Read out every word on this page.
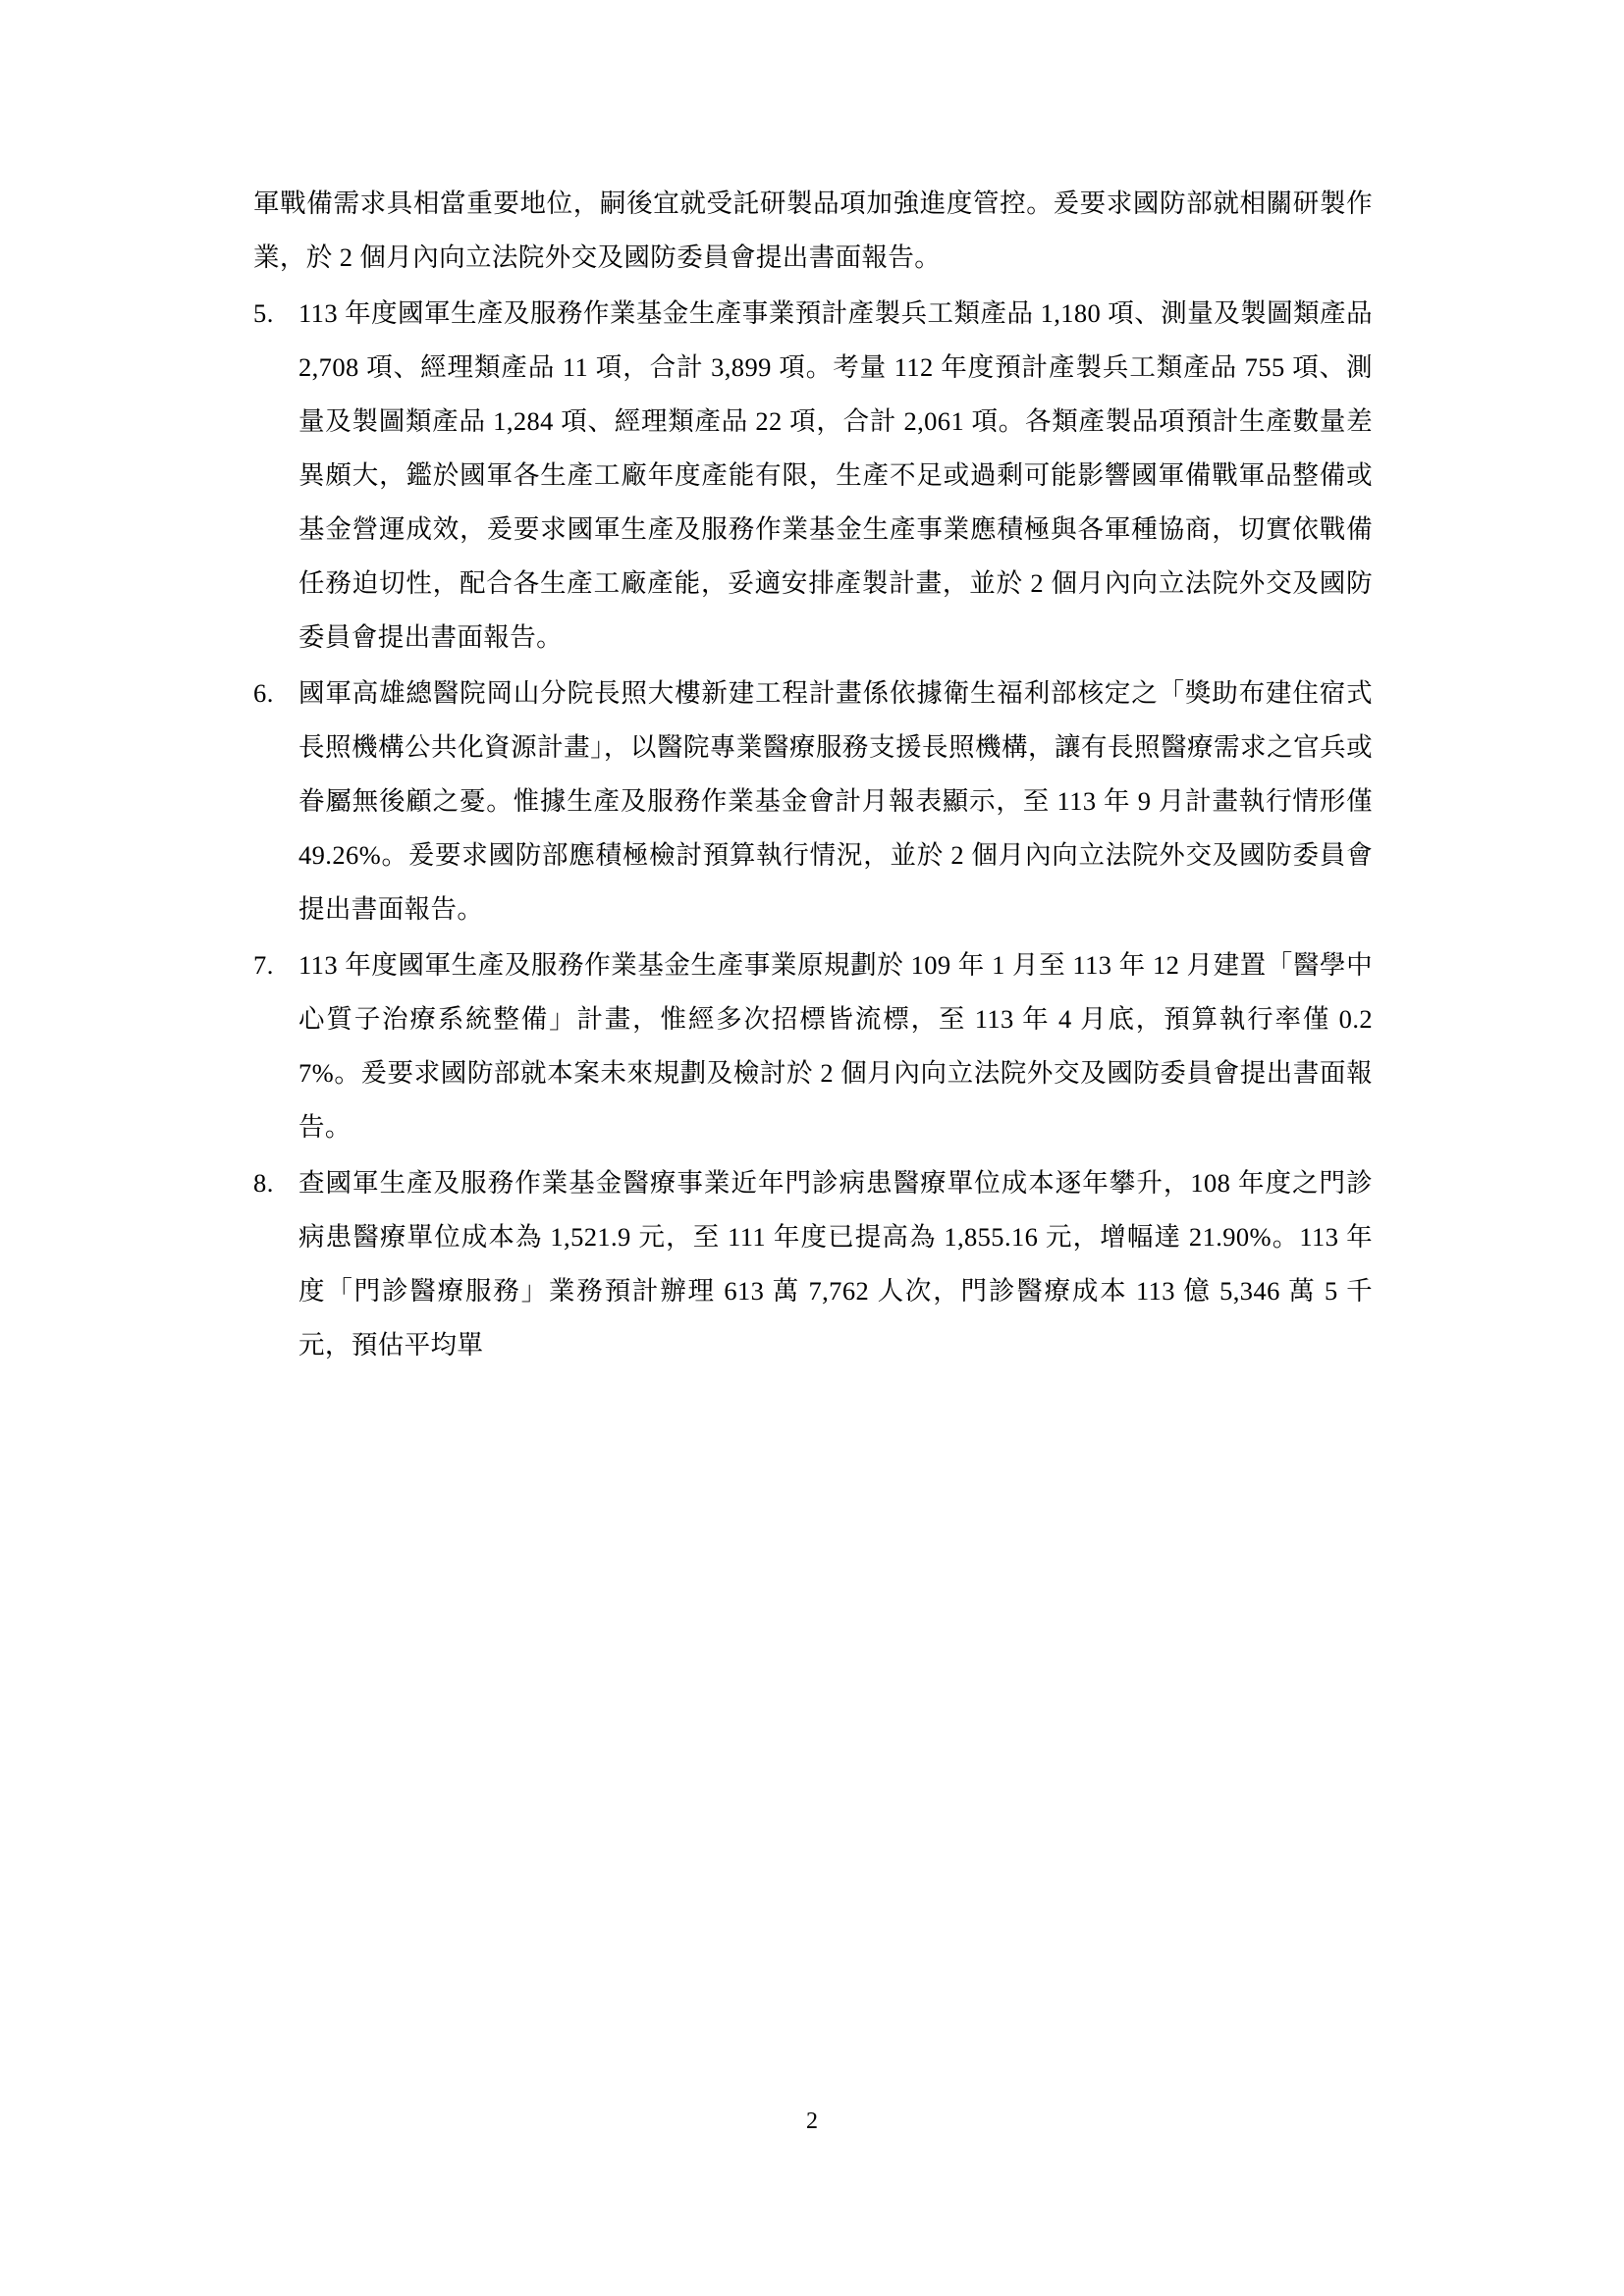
軍戰備需求具相當重要地位，嗣後宜就受託研製品項加強進度管控。爰要求國防部就相關研製作業，於 2 個月內向立法院外交及國防委員會提出書面報告。
5. 113 年度國軍生產及服務作業基金生產事業預計產製兵工類產品 1,180 項、測量及製圖類產品 2,708 項、經理類產品 11 項，合計 3,899 項。考量 112 年度預計產製兵工類產品 755 項、測量及製圖類產品 1,284 項、經理類產品 22 項，合計 2,061 項。各類產製品項預計生產數量差異頗大，鑑於國軍各生產工廠年度產能有限，生產不足或過剩可能影響國軍備戰軍品整備或基金營運成效，爰要求國軍生產及服務作業基金生產事業應積極與各軍種協商，切實依戰備任務迫切性，配合各生產工廠產能，妥適安排產製計畫，並於 2 個月內向立法院外交及國防委員會提出書面報告。
6. 國軍高雄總醫院岡山分院長照大樓新建工程計畫係依據衛生福利部核定之「獎助布建住宿式長照機構公共化資源計畫」，以醫院專業醫療服務支援長照機構，讓有長照醫療需求之官兵或眷屬無後顧之憂。惟據生產及服務作業基金會計月報表顯示，至 113 年 9 月計畫執行情形僅 49.26%。爰要求國防部應積極檢討預算執行情況，並於 2 個月內向立法院外交及國防委員會提出書面報告。
7. 113 年度國軍生產及服務作業基金生產事業原規劃於 109 年 1 月至 113 年 12 月建置「醫學中心質子治療系統整備」計畫，惟經多次招標皆流標，至 113 年 4 月底，預算執行率僅 0.27%。爰要求國防部就本案未來規劃及檢討於 2 個月內向立法院外交及國防委員會提出書面報告。
8. 查國軍生產及服務作業基金醫療事業近年門診病患醫療單位成本逐年攀升，108 年度之門診病患醫療單位成本為 1,521.9 元，至 111 年度已提高為 1,855.16 元，增幅達 21.90%。113 年度「門診醫療服務」業務預計辦理 613 萬 7,762 人次，門診醫療成本 113 億 5,346 萬 5 千元，預估平均單
2
